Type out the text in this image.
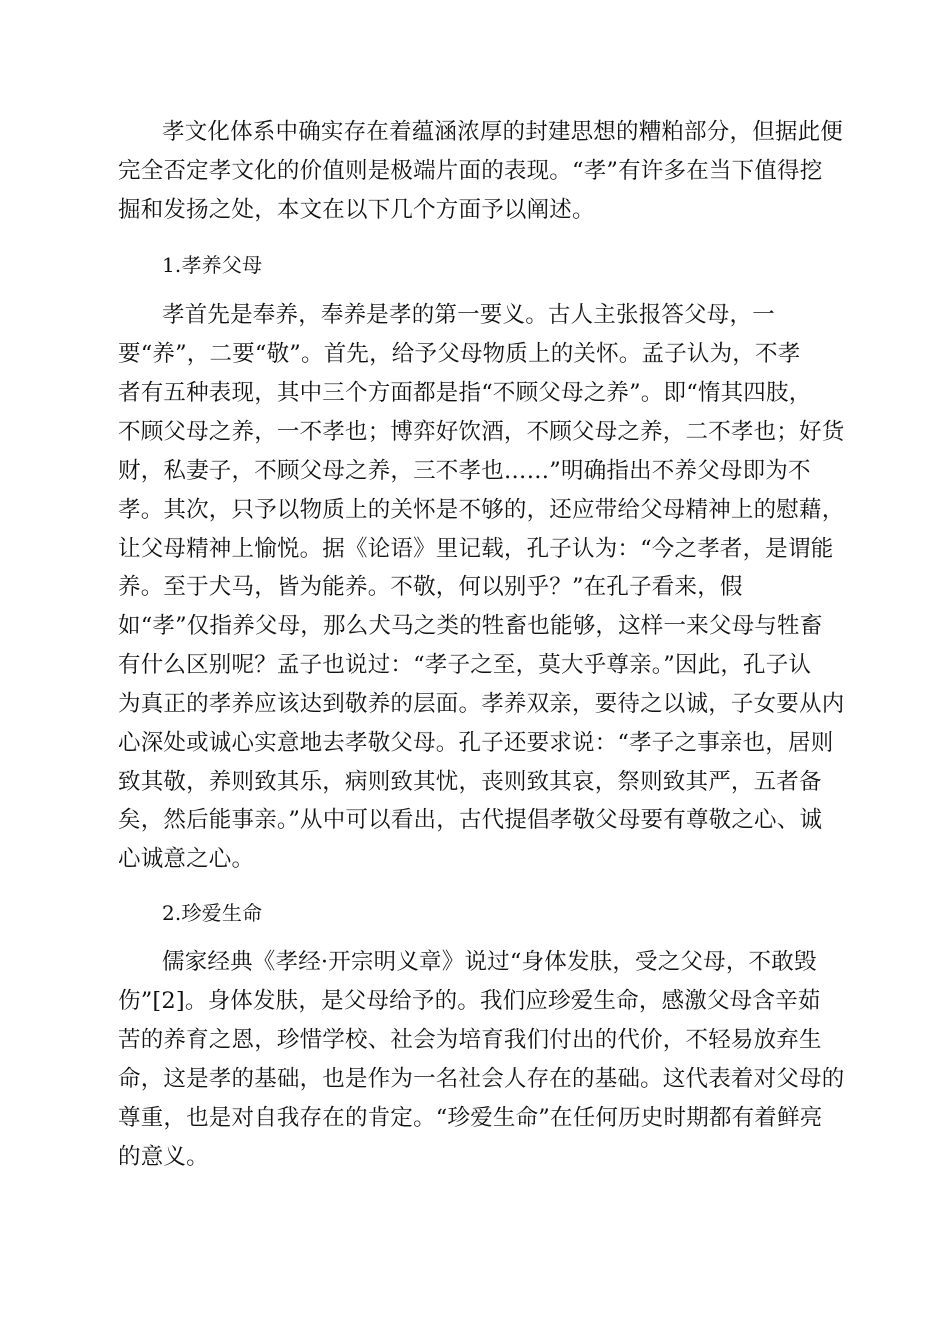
孝文化体系中确实存在着蕴涵浓厚的封建思想的糟粕部分，但据此便
完全否定孝文化的价值则是极端片面的表现。“孝”有许多在当下值得挖
掘和发扬之处，本文在以下几个方面予以阐述。
1.孝养父母
孝首先是奉养，奉养是孝的第一要义。古人主张报答父母，一
要“养”，二要“敬”。首先，给予父母物质上的关怀。孟子认为，不孝
者有五种表现，其中三个方面都是指“不顾父母之养”。即“惰其四肢，
不顾父母之养，一不孝也；博弈好饮酒，不顾父母之养，二不孝也；好货
财，私妻子，不顾父母之养，三不孝也……”明确指出不养父母即为不
孝。其次，只予以物质上的关怀是不够的，还应带给父母精神上的慰藉，
让父母精神上愉悦。据《论语》里记载，孔子认为：“今之孝者，是谓能
养。至于犬马，皆为能养。不敬，何以别乎？”在孔子看来，假
如“孝”仅指养父母，那么犬马之类的牲畜也能够，这样一来父母与牲畜
有什么区别呢？孟子也说过：“孝子之至，莫大乎尊亲。”因此，孔子认
为真正的孝养应该达到敬养的层面。孝养双亲，要待之以诚，子女要从内
心深处或诚心实意地去孝敬父母。孔子还要求说：“孝子之事亲也，居则
致其敬，养则致其乐，病则致其忧，丧则致其哀，祭则致其严，五者备
矣，然后能事亲。”从中可以看出，古代提倡孝敬父母要有尊敬之心、诚
心诚意之心。
2.珍爱生命
儒家经典《孝经·开宗明义章》说过“身体发肤，受之父母，不敢毁
伤”[2]。身体发肤，是父母给予的。我们应珍爱生命，感激父母含辛茹
苦的养育之恩，珍惜学校、社会为培育我们付出的代价，不轻易放弃生
命，这是孝的基础，也是作为一名社会人存在的基础。这代表着对父母的
尊重，也是对自我存在的肯定。“珍爱生命”在任何历史时期都有着鲜亮
的意义。
